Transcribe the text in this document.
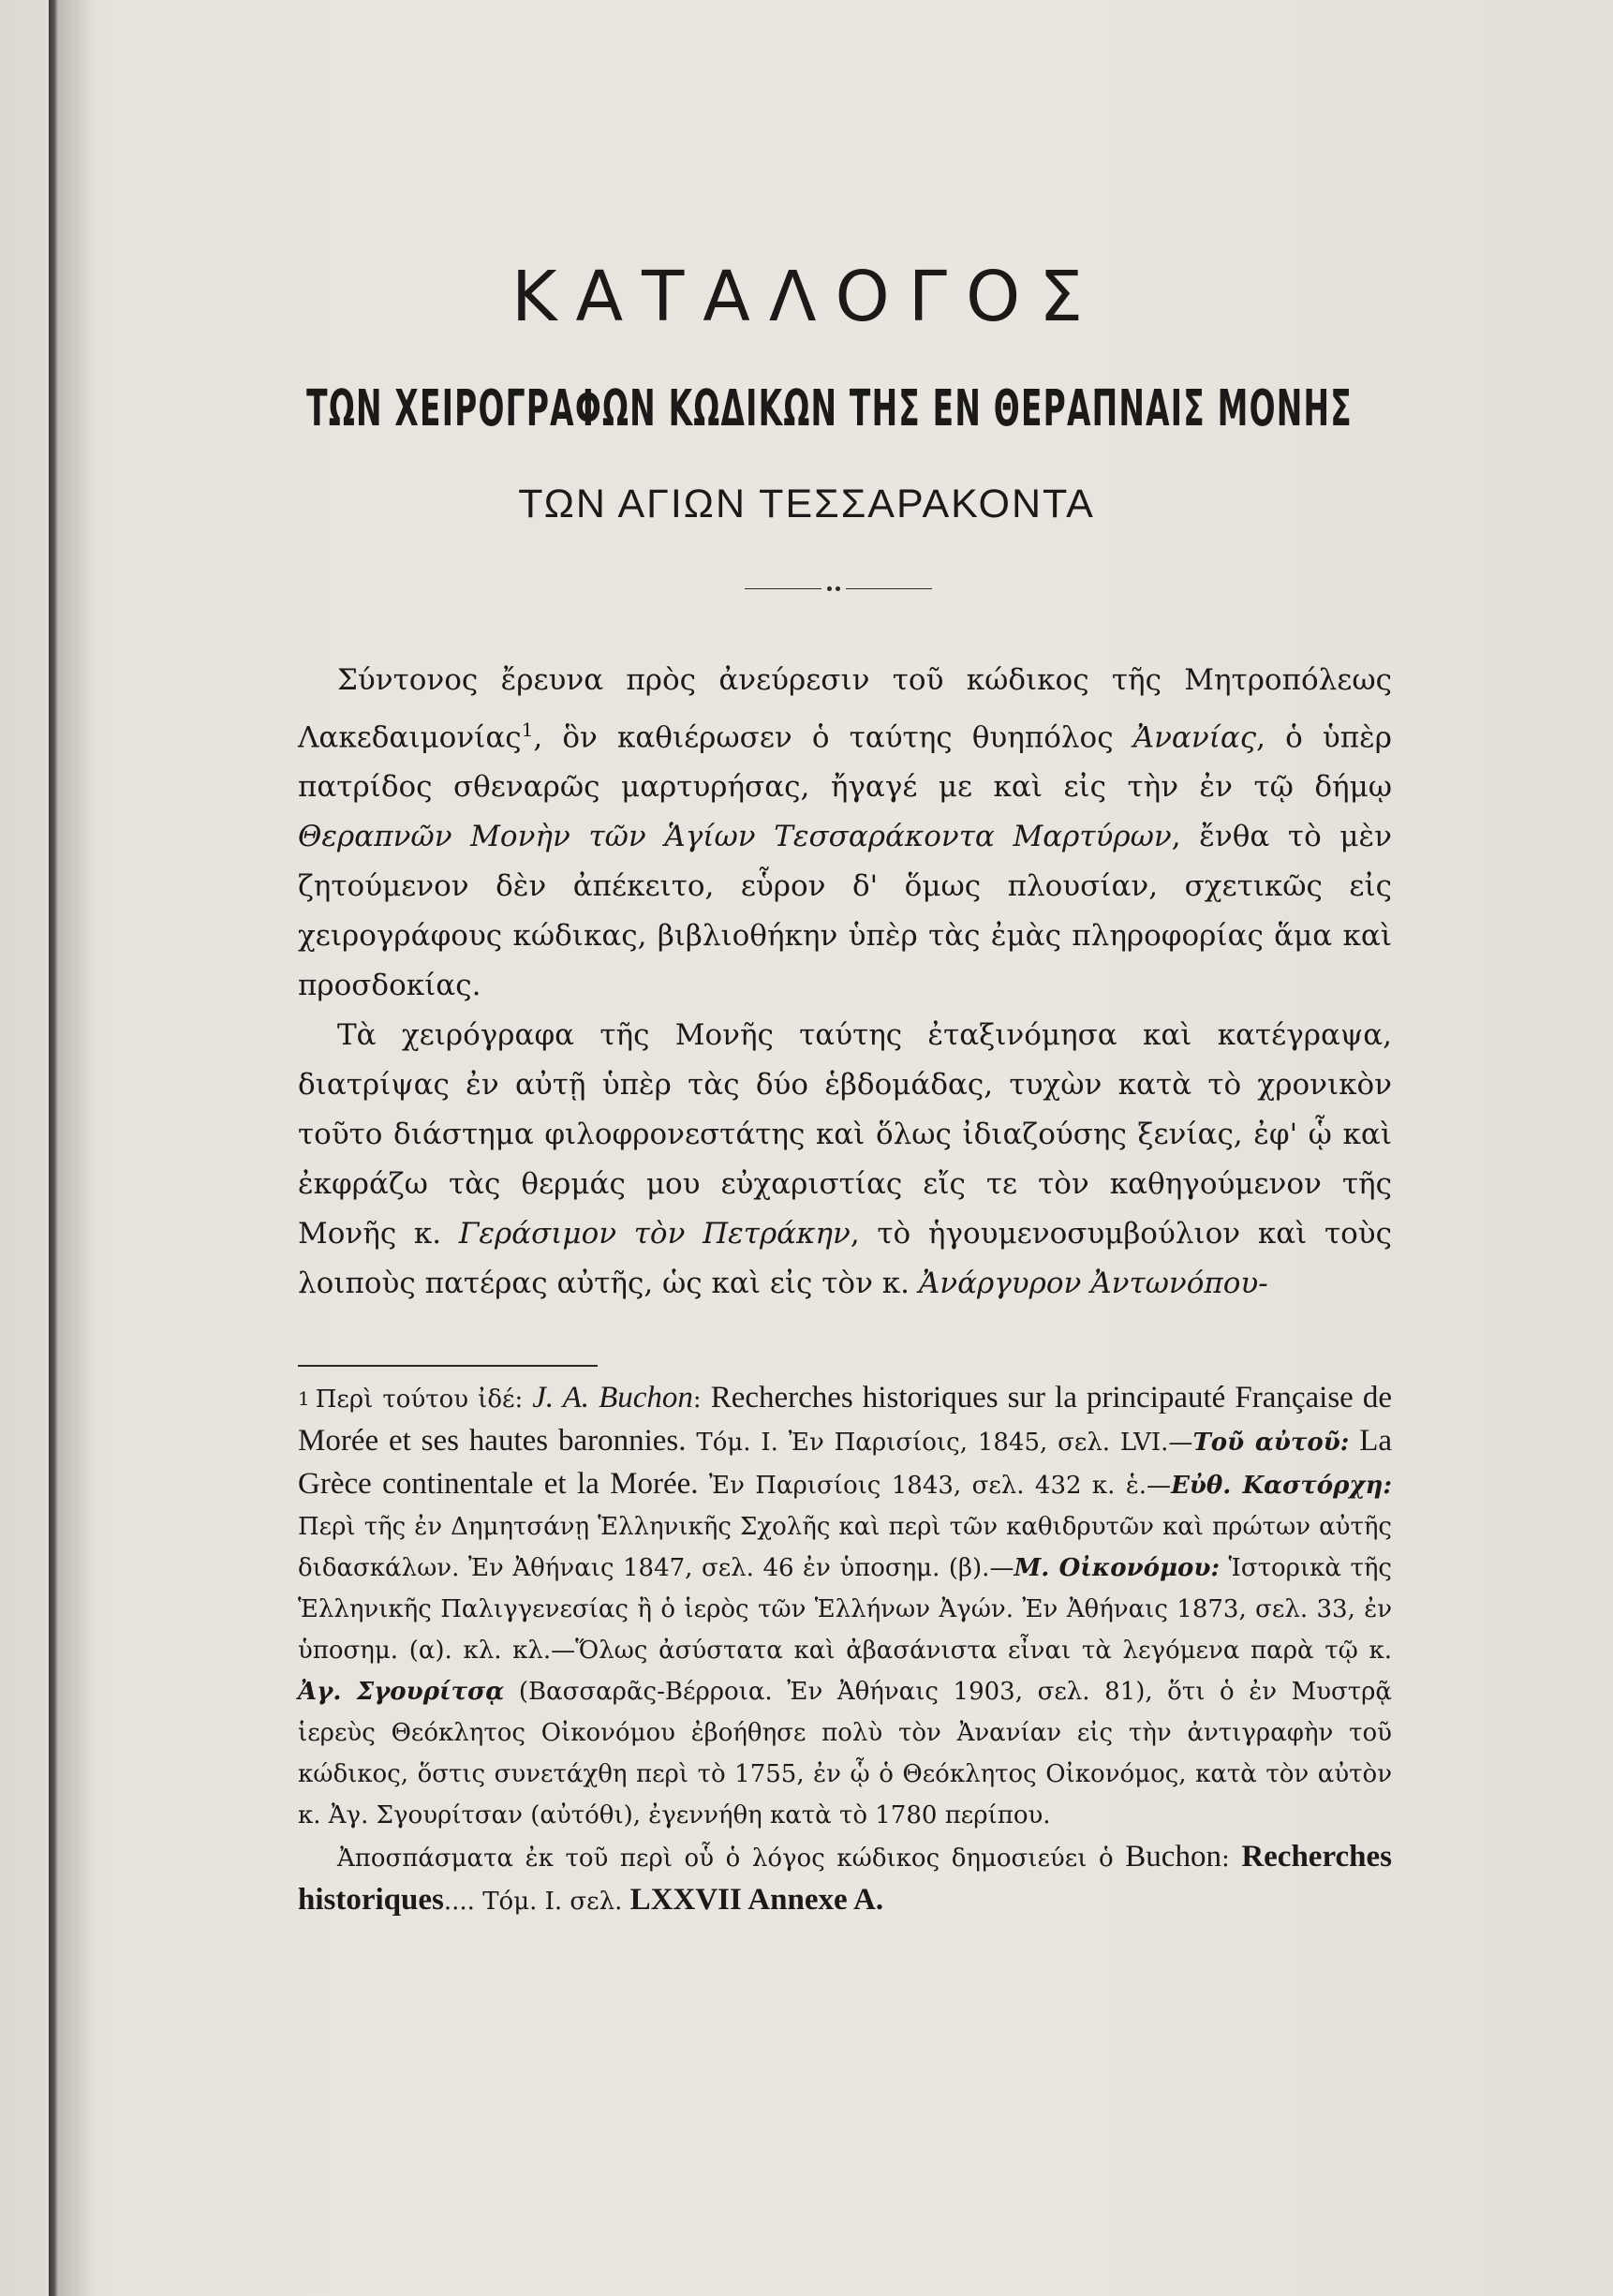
ΚΑΤΑΛΟΓΟΣ
ΤΩΝ ΧΕΙΡΟΓΡΑΦΩΝ ΚΩΔΙΚΩΝ ΤΗΣ ΕΝ ΘΕΡΑΠΝΑΙΣ ΜΟΝΗΣ
ΤΩΝ ΑΓΙΩΝ ΤΕΣΣΑΡΑΚΟΝΤΑ

Σύντονος ἔρευνα πρὸς ἀνεύρεσιν τοῦ κώδικος τῆς Μητροπόλεως Λακεδαιμονίας$^1$, ὃν καθιέρωσεν ὁ ταύτης θυηπόλος Ἀνανίας, ὁ ὑπὲρ πατρίδος σθεναρῶς μαρτυρήσας, ἤγαγέ με καὶ εἰς τὴν ἐν τῷ δήμῳ Θεραπνῶν Μονὴν τῶν Ἁγίων Τεσσαράκοντα Μαρτύρων, ἔνθα τὸ μὲν ζητούμενον δὲν ἀπέκειτο, εὗρον δ' ὅμως πλουσίαν, σχετικῶς εἰς χειρογράφους κώδικας, βιβλιοθήκην ὑπὲρ τὰς ἐμὰς πληροφορίας ἅμα καὶ προσδοκίας.

Τὰ χειρόγραφα τῆς Μονῆς ταύτης ἐταξινόμησα καὶ κατέγραψα, διατρίψας ἐν αὐτῇ ὑπὲρ τὰς δύο ἑβδομάδας, τυχὼν κατὰ τὸ χρονικὸν τοῦτο διάστημα φιλοφρονεστάτης καὶ ὅλως ἰδιαζούσης ξενίας, ἐφ' ᾧ καὶ ἐκφράζω τὰς θερμάς μου εὐχαριστίας εἴς τε τὸν καθηγούμενον τῆς Μονῆς κ. Γεράσιμον τὸν Πετράκην, τὸ ἡγουμενοσυμβούλιον καὶ τοὺς λοιποὺς πατέρας αὐτῆς, ὡς καὶ εἰς τὸν κ. Ἀνάργυρον Ἀντωνόπου-

1 Περὶ τούτου ἰδέ: J. A. Buchon: Recherches historiques sur la principauté Française de Morée et ses hautes baronnies. Τόμ. I. Ἐν Παρισίοις, 1845, σελ. LVI.—Τοῦ αὐτοῦ: La Grèce continentale et la Morée. Ἐν Παρισίοις 1843, σελ. 432 κ. ἑ.—Εὐθ. Καστόρχη: Περὶ τῆς ἐν Δημητσάνῃ Ἑλληνικῆς Σχολῆς καὶ περὶ τῶν καθιδρυτῶν καὶ πρώτων αὐτῆς διδασκάλων. Ἐν Ἀθήναις 1847, σελ. 46 ἐν ὑποσημ. (β).—Μ. Οἰκονόμου: Ἱστορικὰ τῆς Ἑλληνικῆς Παλιγγενεσίας ἢ ὁ ἱερὸς τῶν Ἑλλήνων Ἀγών. Ἐν Ἀθήναις 1873, σελ. 33, ἐν ὑποσημ. (α). κλ. κλ.—Ὅλως ἀσύστατα καὶ ἀβασάνιστα εἶναι τὰ λεγόμενα παρὰ τῷ κ. Ἀγ. Σγουρίτσᾳ (Βασσαρᾶς-Βέρροια. Ἐν Ἀθήναις 1903, σελ. 81), ὅτι ὁ ἐν Μυστρᾷ ἱερεὺς Θεόκλητος Οἰκονόμου ἐβοήθησε πολὺ τὸν Ἀνανίαν εἰς τὴν ἀντιγραφὴν τοῦ κώδικος, ὅστις συνετάχθη περὶ τὸ 1755, ἐν ᾧ ὁ Θεόκλητος Οἰκονόμος, κατὰ τὸν αὐτὸν κ. Ἀγ. Σγουρίτσαν (αὐτόθι), ἐγεννήθη κατὰ τὸ 1780 περίπου.

Ἀποσπάσματα ἐκ τοῦ περὶ οὗ ὁ λόγος κώδικος δημοσιεύει ὁ Buchon: Recherches historiques.... Τόμ. I. σελ. LXXVII Annexe A.
